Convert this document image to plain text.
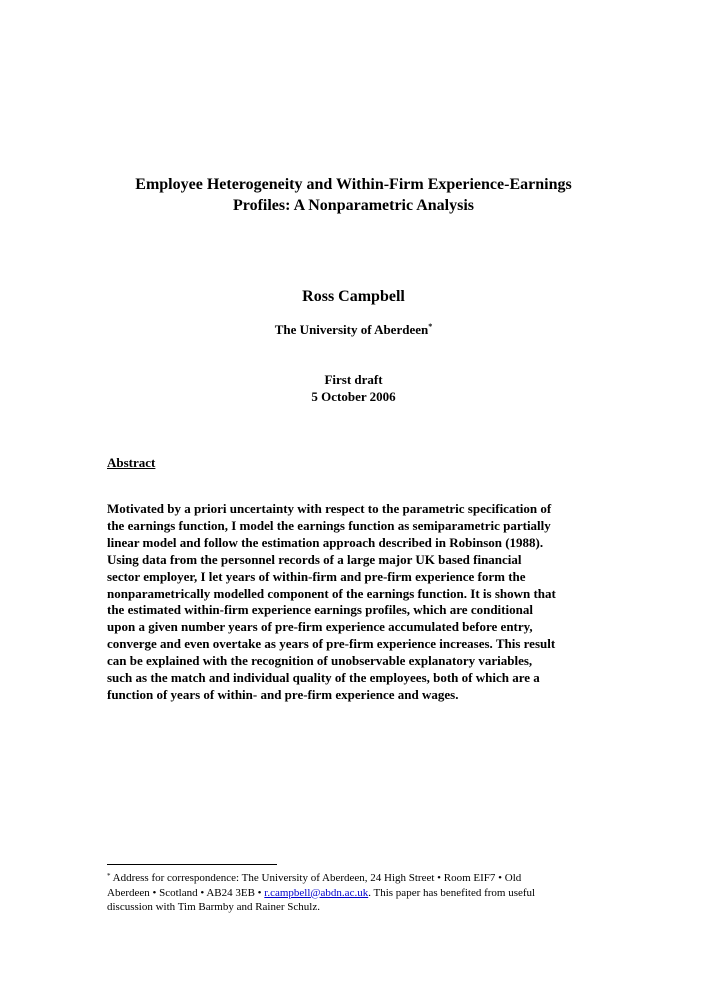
Employee Heterogeneity and Within-Firm Experience-Earnings
Profiles: A Nonparametric Analysis
Ross Campbell
The University of Aberdeen*
First draft
5 October 2006
Abstract
Motivated by a priori uncertainty with respect to the parametric specification of
the earnings function, I model the earnings function as semiparametric partially
linear model and follow the estimation approach described in Robinson (1988).
Using data from the personnel records of a large major UK based financial
sector employer, I let years of within-firm and pre-firm experience form the
nonparametrically modelled component of the earnings function. It is shown that
the estimated within-firm experience earnings profiles, which are conditional
upon a given number years of pre-firm experience accumulated before entry,
converge and even overtake as years of pre-firm experience increases. This result
can be explained with the recognition of unobservable explanatory variables,
such as the match and individual quality of the employees, both of which are a
function of years of within- and pre-firm experience and wages.
* Address for correspondence: The University of Aberdeen, 24 High Street • Room EIF7 • Old
Aberdeen • Scotland • AB24 3EB • r.campbell@abdn.ac.uk. This paper has benefited from useful
discussion with Tim Barmby and Rainer Schulz.
